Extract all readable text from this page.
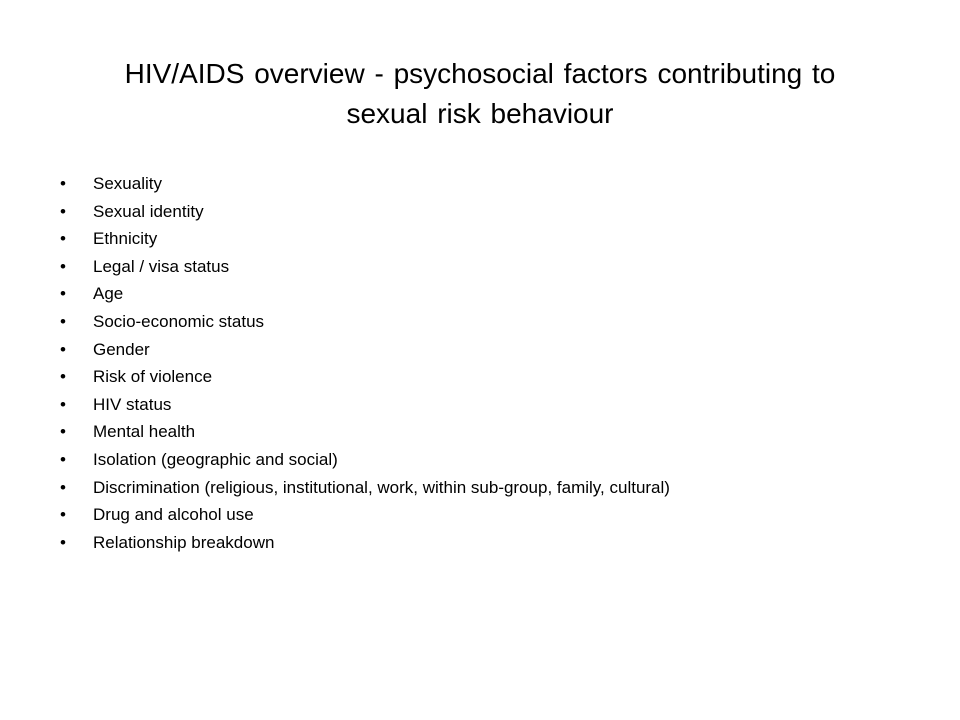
HIV/AIDS overview - psychosocial factors contributing to
sexual risk behaviour
•	Sexuality
•	Sexual identity
•	Ethnicity
•	Legal / visa status
•	Age
•	Socio-economic status
•	Gender
•	Risk of violence
•	HIV status
•	Mental health
•	Isolation (geographic and social)
•	Discrimination (religious, institutional, work, within sub-group, family, cultural)
•	Drug and alcohol use
•	Relationship breakdown
